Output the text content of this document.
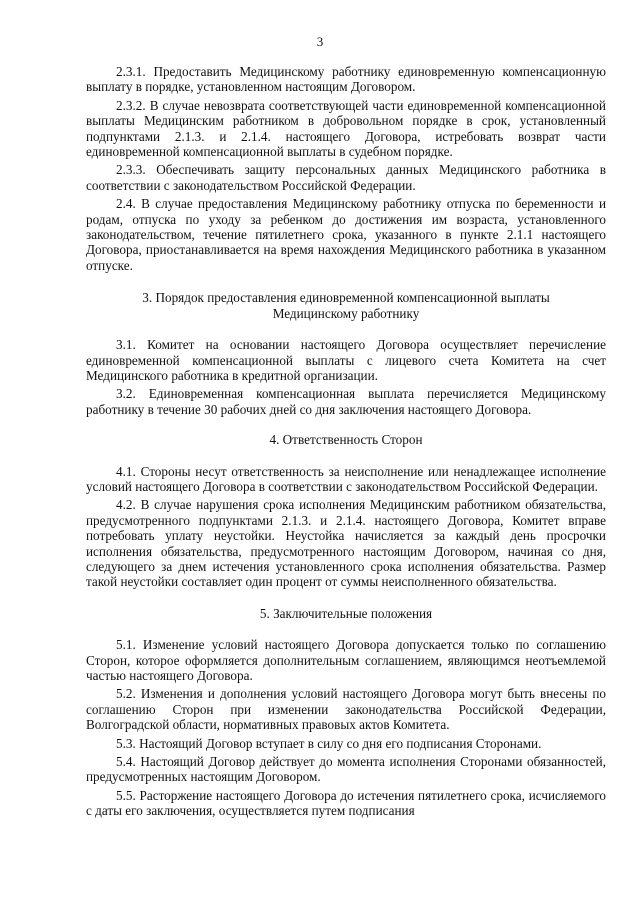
3

2.3.1. Предоставить Медицинскому работнику единовременную компенсационную выплату в порядке, установленном настоящим Договором.

2.3.2. В случае невозврата соответствующей части единовременной компенсационной выплаты Медицинским работником в добровольном порядке в срок, установленный подпунктами 2.1.3. и 2.1.4. настоящего Договора, истребовать возврат части единовременной компенсационной выплаты в судебном порядке.

2.3.3. Обеспечивать защиту персональных данных Медицинского работника в соответствии с законодательством Российской Федерации.

2.4. В случае предоставления Медицинскому работнику отпуска по беременности и родам, отпуска по уходу за ребенком до достижения им возраста, установленного законодательством, течение пятилетнего срока, указанного в пункте 2.1.1 настоящего Договора, приостанавливается на время нахождения Медицинского работника в указанном отпуске.

3. Порядок предоставления единовременной компенсационной выплаты
Медицинскому работнику

3.1. Комитет на основании настоящего Договора осуществляет перечисление единовременной компенсационной выплаты с лицевого счета Комитета на счет Медицинского работника в кредитной организации.

3.2. Единовременная компенсационная выплата перечисляется Медицинскому работнику в течение 30 рабочих дней со дня заключения настоящего Договора.

4. Ответственность Сторон

4.1. Стороны несут ответственность за неисполнение или ненадлежащее исполнение условий настоящего Договора в соответствии с законодательством Российской Федерации.

4.2. В случае нарушения срока исполнения Медицинским работником обязательства, предусмотренного подпунктами 2.1.3. и 2.1.4. настоящего Договора, Комитет вправе потребовать уплату неустойки. Неустойка начисляется за каждый день просрочки исполнения обязательства, предусмотренного настоящим Договором, начиная со дня, следующего за днем истечения установленного срока исполнения обязательства. Размер такой неустойки составляет один процент от суммы неисполненного обязательства.

5. Заключительные положения

5.1. Изменение условий настоящего Договора допускается только по соглашению Сторон, которое оформляется дополнительным соглашением, являющимся неотъемлемой частью настоящего Договора.

5.2. Изменения и дополнения условий настоящего Договора могут быть внесены по соглашению Сторон при изменении законодательства Российской Федерации, Волгоградской области, нормативных правовых актов Комитета.

5.3. Настоящий Договор вступает в силу со дня его подписания Сторонами.

5.4. Настоящий Договор действует до момента исполнения Сторонами обязанностей, предусмотренных настоящим Договором.

5.5. Расторжение настоящего Договора до истечения пятилетнего срока, исчисляемого с даты его заключения, осуществляется путем подписания
